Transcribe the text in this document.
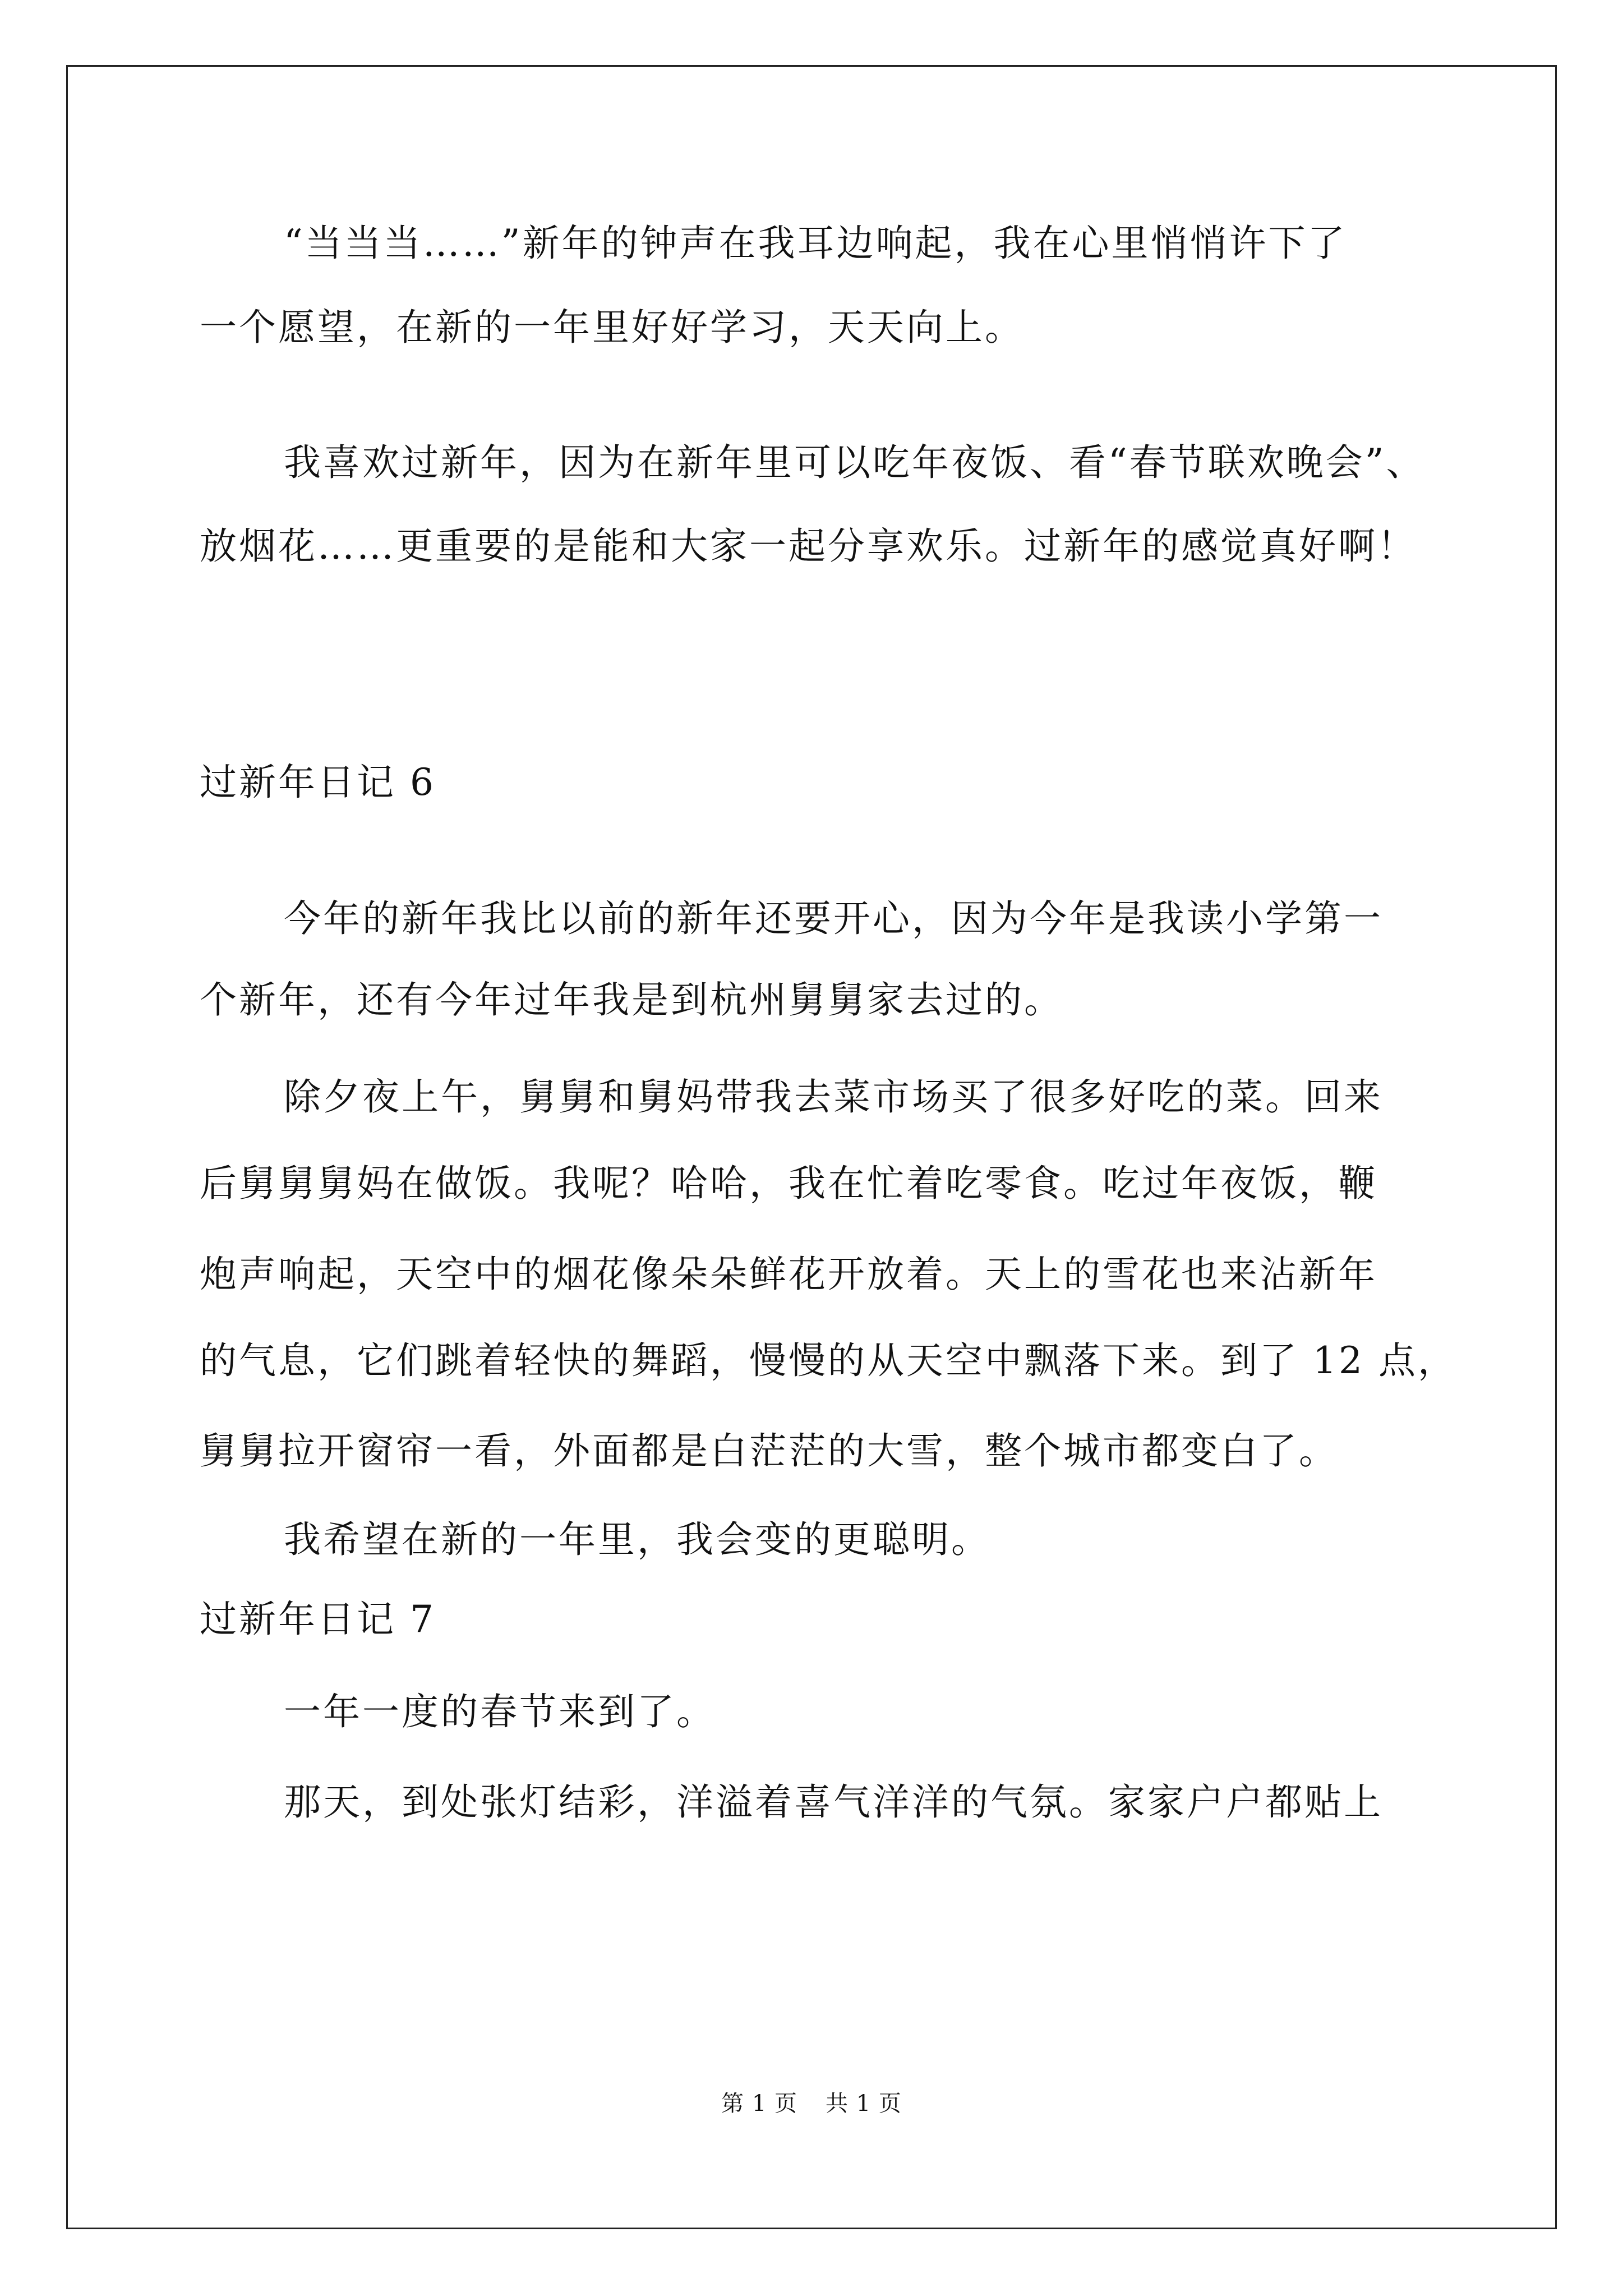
“当当当……”新年的钟声在我耳边响起，我在心里悄悄许下了
一个愿望，在新的一年里好好学习，天天向上。
我喜欢过新年，因为在新年里可以吃年夜饭、看“春节联欢晚会”、
放烟花……更重要的是能和大家一起分享欢乐。过新年的感觉真好啊！
过新年日记 6
今年的新年我比以前的新年还要开心，因为今年是我读小学第一
个新年，还有今年过年我是到杭州舅舅家去过的。
除夕夜上午，舅舅和舅妈带我去菜市场买了很多好吃的菜。回来
后舅舅舅妈在做饭。我呢？哈哈，我在忙着吃零食。吃过年夜饭，鞭
炮声响起，天空中的烟花像朵朵鲜花开放着。天上的雪花也来沾新年
的气息，它们跳着轻快的舞蹈，慢慢的从天空中飘落下来。到了 12 点，
舅舅拉开窗帘一看，外面都是白茫茫的大雪，整个城市都变白了。
我希望在新的一年里，我会变的更聪明。
过新年日记 7
一年一度的春节来到了。
那天，到处张灯结彩，洋溢着喜气洋洋的气氛。家家户户都贴上
第 1 页 共 1 页
